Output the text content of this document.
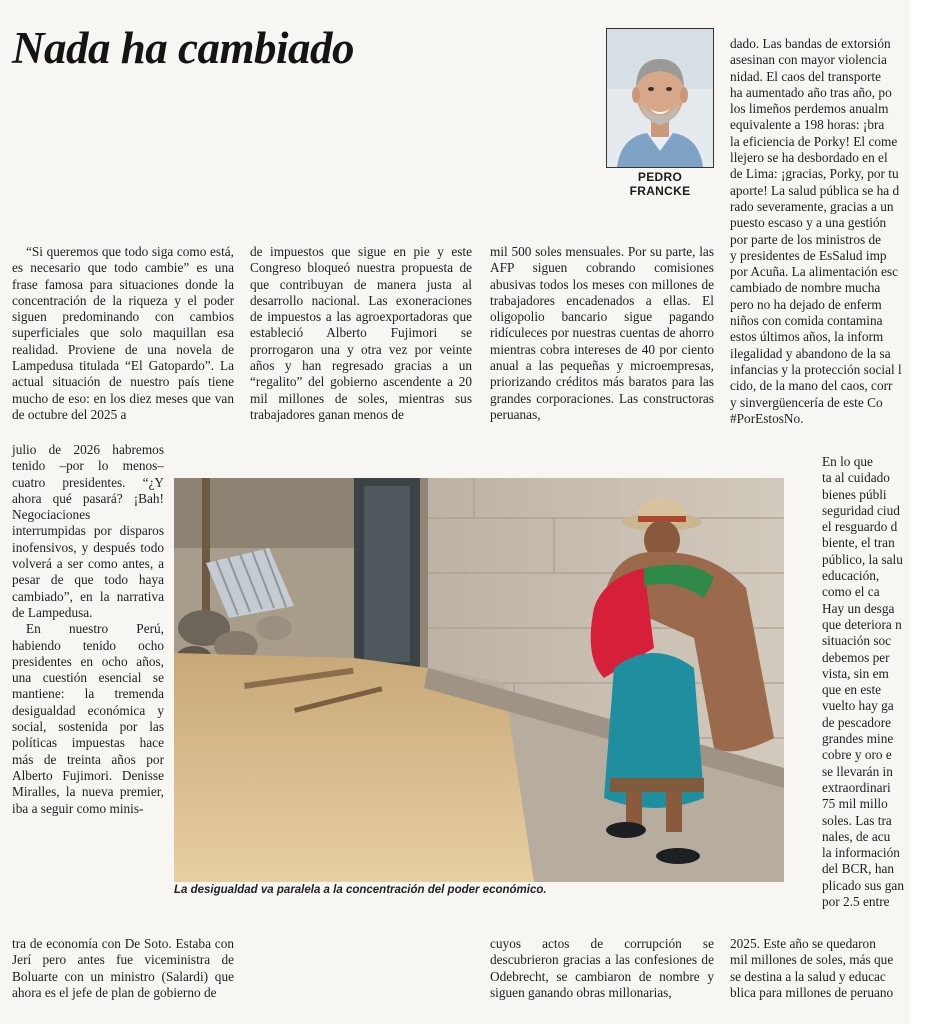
Nada ha cambiado
PEDRO FRANCKE

“Si queremos que todo siga como está, es necesario que todo cambie” es una frase famosa para situaciones donde la concentración de la riqueza y el poder siguen predominando con cambios superficiales que solo maquillan esa realidad. Proviene de una novela de Lampedusa titulada “El Gatopardo”. La actual situación de nuestro país tiene mucho de eso: en los diez meses que van de octubre del 2025 a

julio de 2026 habremos tenido –por lo menos– cuatro presidentes. “¿Y ahora qué pasará? ¡Bah! Negociaciones interrumpidas por disparos inofensivos, y después todo volverá a ser como antes, a pesar de que todo haya cambiado”, en la narrativa de Lampedusa.

En nuestro Perú, habiendo tenido ocho presidentes en ocho años, una cuestión esencial se mantiene: la tremenda desigualdad económica y social, sostenida por las políticas impuestas hace más de treinta años por Alberto Fujimori. Denisse Miralles, la nueva premier, iba a seguir como minis-

tra de economía con De Soto. Estaba con Jerí pero antes fue viceministra de Boluarte con un ministro (Salardi) que ahora es el jefe de plan de gobierno de

de impuestos que sigue en pie y este Congreso bloqueó nuestra propuesta de que contribuyan de manera justa al desarrollo nacional. Las exoneraciones de impuestos a las agroexportadoras que estableció Alberto Fujimori se prorrogaron una y otra vez por veinte años y han regresado gracias a un “regalito” del gobierno ascendente a 20 mil millones de soles, mientras sus trabajadores ganan menos de

mil 500 soles mensuales. Por su parte, las AFP siguen cobrando comisiones abusivas todos los meses con millones de trabajadores encadenados a ellas. El oligopolio bancario sigue pagando ridículeces por nuestras cuentas de ahorro mientras cobra intereses de 40 por ciento anual a las pequeñas y microempresas, priorizando créditos más baratos para las grandes corporaciones. Las constructoras peruanas,

cuyos actos de corrupción se descubrieron gracias a las confesiones de Odebrecht, se cambiaron de nombre y siguen ganando obras millonarias,

dado. Las bandas de extorsión

asesinan con mayor violencia

nidad. El caos del transporte

ha aumentado año tras año, po

los limeños perdemos anualm

equivalente a 198 horas: ¡bra

la eficiencia de Porky! El come

llejero se ha desbordado en el

de Lima: ¡gracias, Porky, por tu

aporte! La salud pública se ha d

rado severamente, gracias a un

puesto escaso y a una gestión

por parte de los ministros de

y presidentes de EsSalud imp

por Acuña. La alimentación esc

cambiado de nombre mucha

pero no ha dejado de enferm

niños con comida contamina

estos últimos años, la inform

ilegalidad y abandono de la sa

infancias y la protección social l

cido, de la mano del caos, corr

y sinvergüencería de este Co

#PorEstosNo.

En lo que

ta al cuidado

bienes públi

seguridad ciud

el resguardo d

biente, el tran

público, la salu

educación,

como el ca

Hay un desga

que deteriora n

situación soc

debemos per

vista, sin em

que en este

vuelto hay ga

de pescadore

grandes mine

cobre y oro e

se llevarán in

extraordinari

75 mil millo

soles. Las tra

nales, de acu

la información

del BCR, han

plicado sus gan

por 2.5 entre

2025. Este año se quedaron

mil millones de soles, más que

se destina a la salud y educac

blica para millones de peruano

La desigualdad va paralela a la concentración del poder económico.
